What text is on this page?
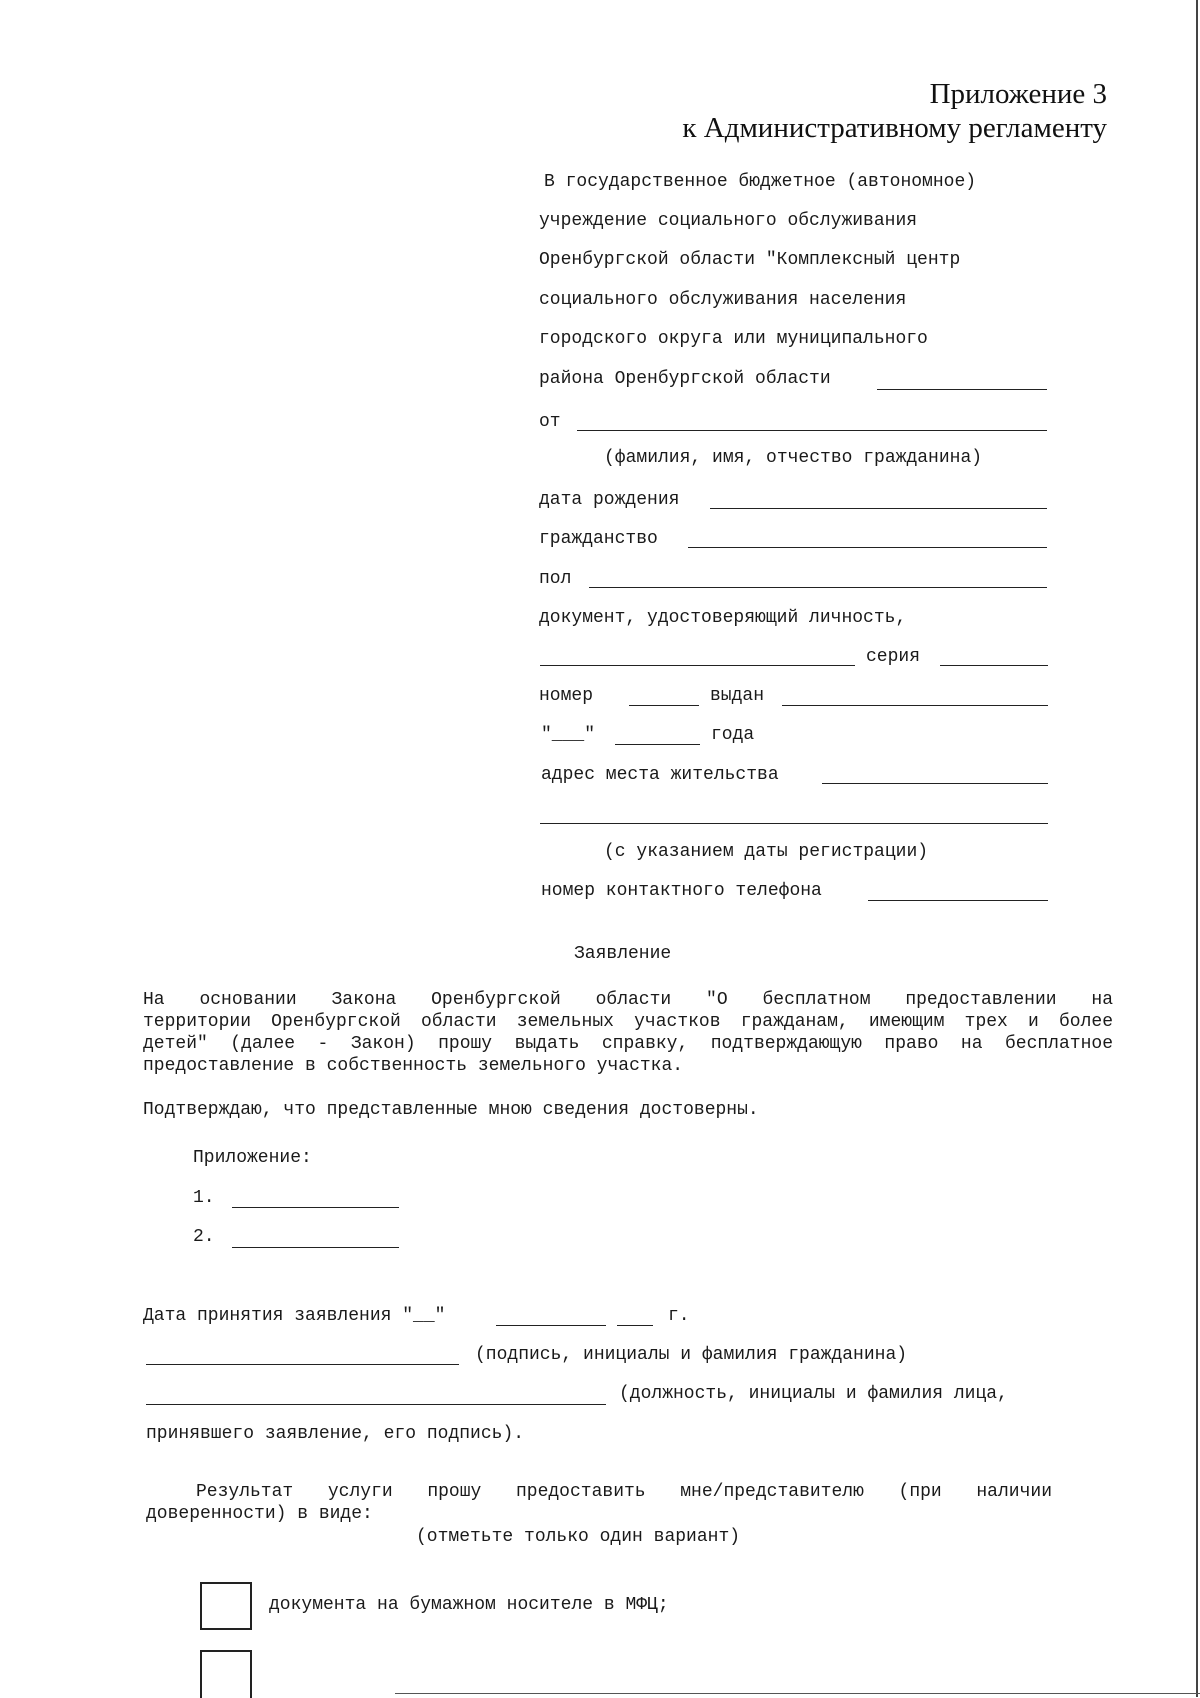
Приложение 3
к Административному регламенту
В государственное бюджетное (автономное)
учреждение социального обслуживания
Оренбургской области "Комплексный центр
социального обслуживания населения
городского округа или муниципального
района Оренбургской области
от
(фамилия, имя, отчество гражданина)
дата рождения
гражданство
пол
документ, удостоверяющий личность,
серия
номер	выдан
"___"	года
адрес места жительства
(с указанием даты регистрации)
номер контактного телефона
Заявление
На основании Закона Оренбургской области "О бесплатном предоставлении на
территории Оренбургской области земельных участков гражданам, имеющим трех и более
детей" (далее - Закон) прошу выдать справку, подтверждающую право на бесплатное
предоставление в собственность земельного участка.
Подтверждаю, что представленные мною сведения достоверны.
Приложение:
1.
2.
Дата принятия заявления "__"	г.
(подпись, инициалы и фамилия гражданина)
(должность, инициалы и фамилия лица,
принявшего заявление, его подпись).
Результат услуги прошу предоставить мне/представителю (при наличии
доверенности) в виде:
(отметьте только один вариант)
документа на бумажном носителе в МФЦ;
